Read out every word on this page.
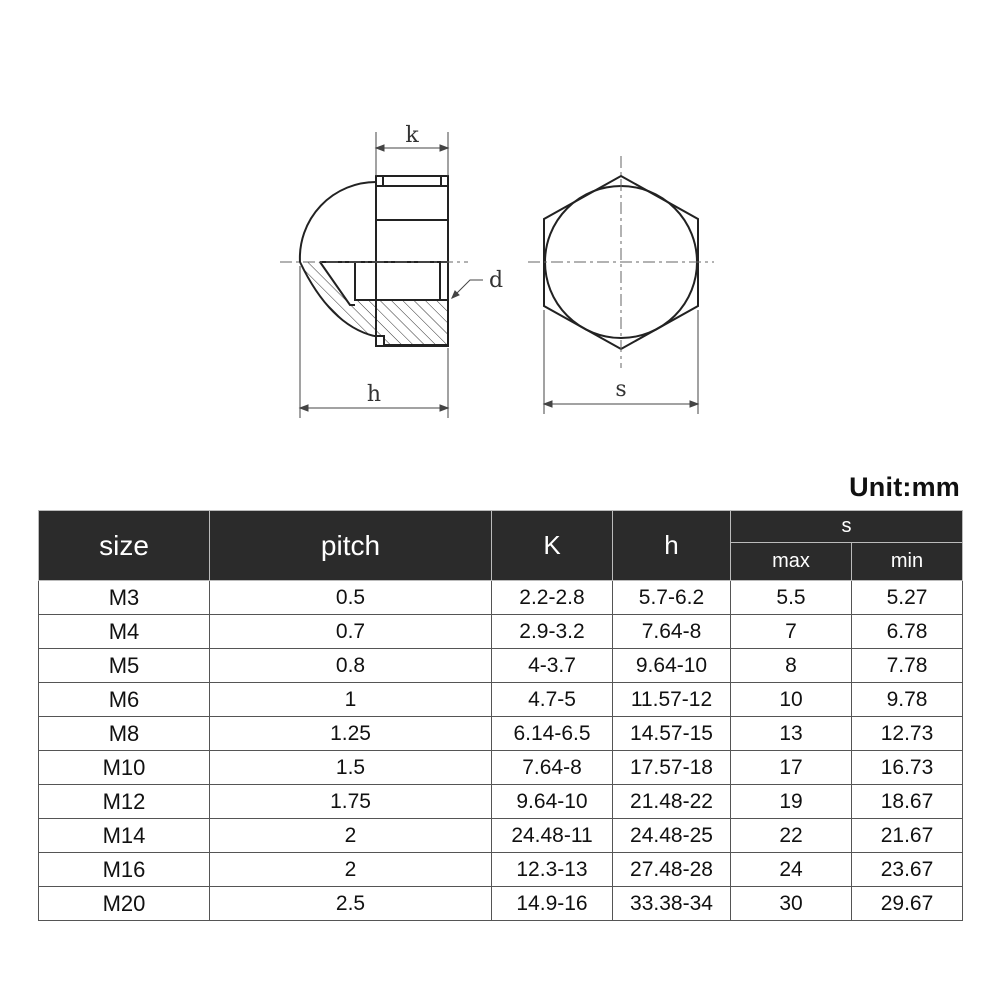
k
d
h	s
Unit:mm
size	pitch	K	h	s	
				max	min
M3	0.5	2.2-2.8	5.7-6.2	5.5	5.27
M4	0.7	2.9-3.2	7.64-8	7	6.78
M5	0.8	4-3.7	9.64-10	8	7.78
M6	1	4.7-5	11.57-12	10	9.78
M8	1.25	6.14-6.5	14.57-15	13	12.73
M10	1.5	7.64-8	17.57-18	17	16.73
M12	1.75	9.64-10	21.48-22	19	18.67
M14	2	24.48-11	24.48-25	22	21.67
M16	2	12.3-13	27.48-28	24	23.67
M20	2.5	14.9-16	33.38-34	30	29.67
